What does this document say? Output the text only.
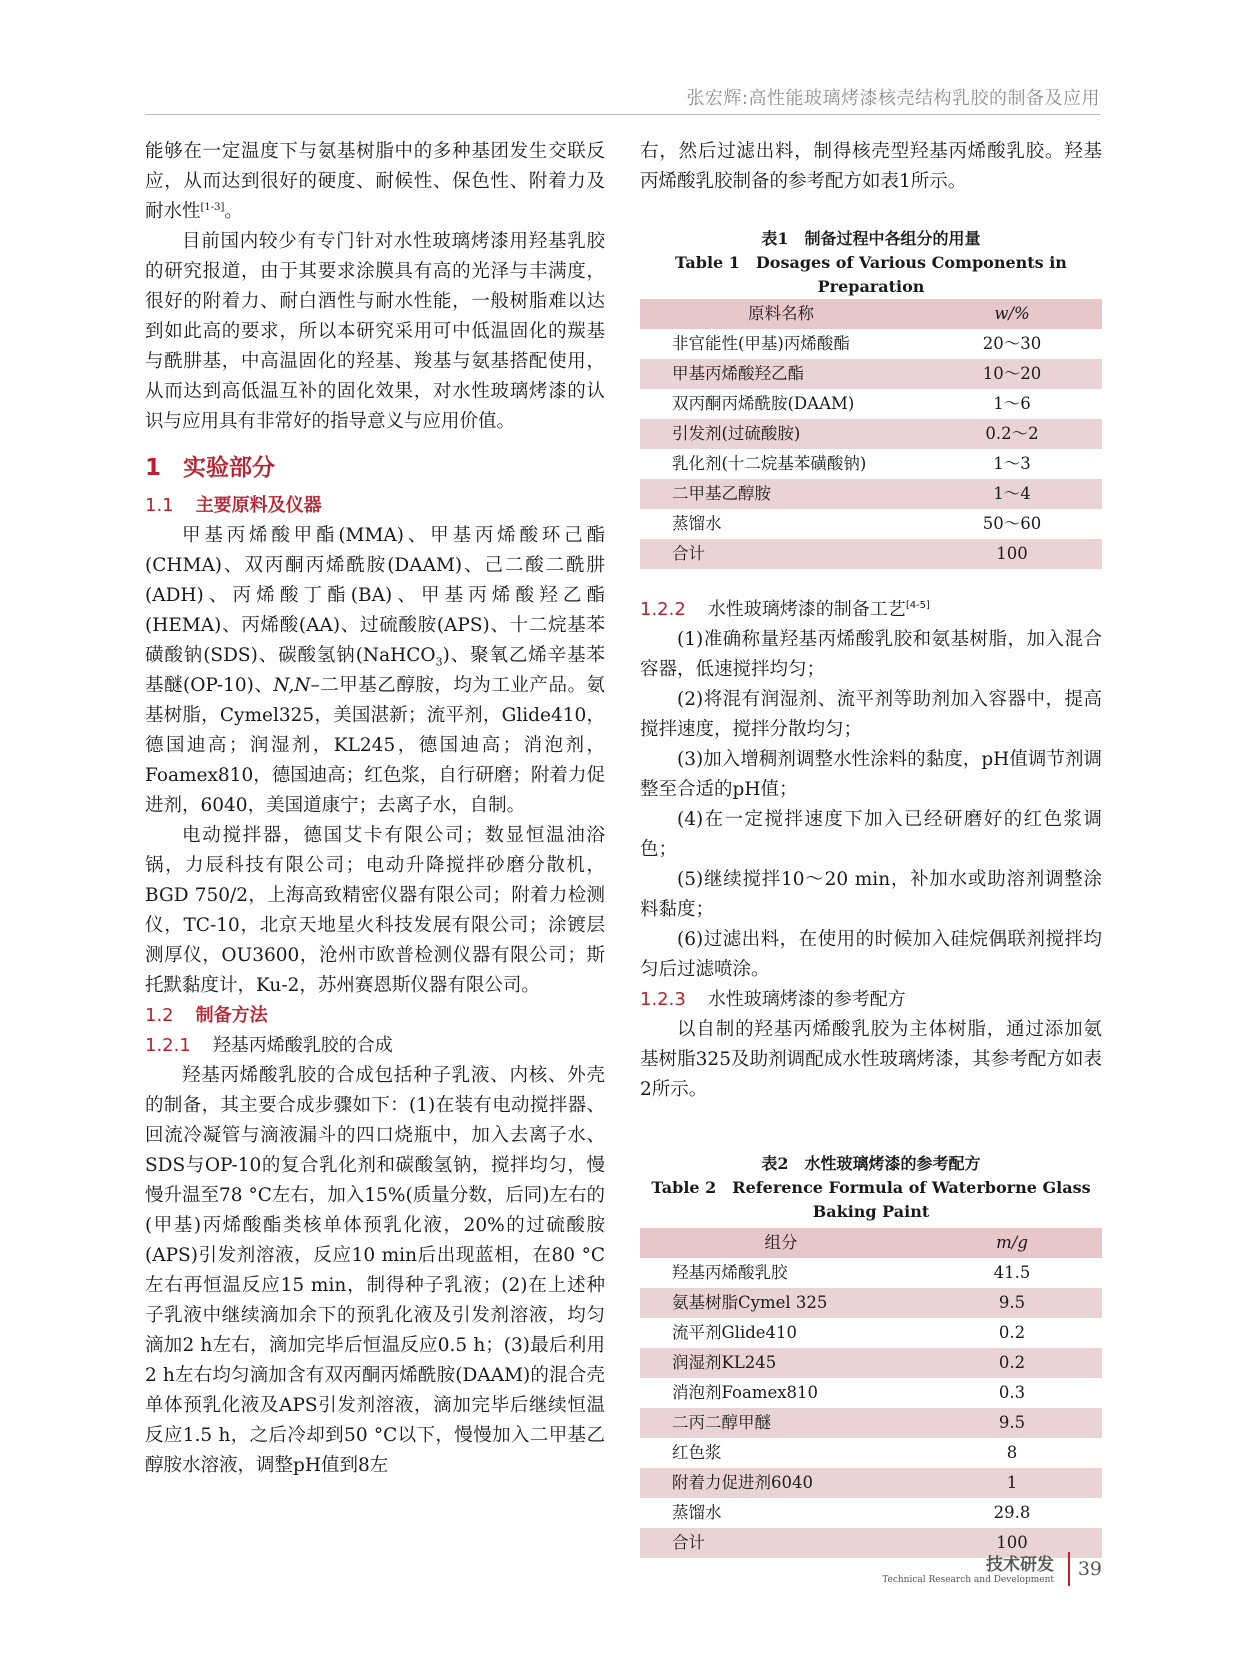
张宏辉:高性能玻璃烤漆核壳结构乳胶的制备及应用

能够在一定温度下与氨基树脂中的多种基团发生交联反应，从而达到很好的硬度、耐候性、保色性、附着力及耐水性[1-3]。

目前国内较少有专门针对水性玻璃烤漆用羟基乳胶的研究报道，由于其要求涂膜具有高的光泽与丰满度，很好的附着力、耐白酒性与耐水性能，一般树脂难以达到如此高的要求，所以本研究采用可中低温固化的羰基与酰肼基，中高温固化的羟基、羧基与氨基搭配使用，从而达到高低温互补的固化效果，对水性玻璃烤漆的认识与应用具有非常好的指导意义与应用价值。

1 实验部分
1.1 主要原料及仪器

甲基丙烯酸甲酯(MMA)、甲基丙烯酸环己酯(CHMA)、双丙酮丙烯酰胺(DAAM)、己二酸二酰肼(ADH)、丙烯酸丁酯(BA)、甲基丙烯酸羟乙酯(HEMA)、丙烯酸(AA)、过硫酸胺(APS)、十二烷基苯磺酸钠(SDS)、碳酸氢钠(NaHCO$_3$)、聚氧乙烯辛基苯基醚(OP-10)、N,N–二甲基乙醇胺，均为工业产品。氨基树脂，Cymel325，美国湛新；流平剂，Glide410，德国迪高；润湿剂，KL245，德国迪高；消泡剂，Foamex810，德国迪高；红色浆，自行研磨；附着力促进剂，6040，美国道康宁；去离子水，自制。

电动搅拌器，德国艾卡有限公司；数显恒温油浴锅，力辰科技有限公司；电动升降搅拌砂磨分散机，BGD 750/2，上海高致精密仪器有限公司；附着力检测仪，TC-10，北京天地星火科技发展有限公司；涂镀层测厚仪，OU3600，沧州市欧普检测仪器有限公司；斯托默黏度计，Ku-2，苏州赛恩斯仪器有限公司。

1.2 制备方法
1.2.1 羟基丙烯酸乳胶的合成

羟基丙烯酸乳胶的合成包括种子乳液、内核、外壳的制备，其主要合成步骤如下：(1)在装有电动搅拌器、回流冷凝管与滴液漏斗的四口烧瓶中，加入去离子水、SDS与OP-10的复合乳化剂和碳酸氢钠，搅拌均匀，慢慢升温至78 °C左右，加入15%(质量分数，后同)左右的(甲基)丙烯酸酯类核单体预乳化液，20%的过硫酸胺(APS)引发剂溶液，反应10 min后出现蓝相，在80 °C左右再恒温反应15 min，制得种子乳液；(2)在上述种子乳液中继续滴加余下的预乳化液及引发剂溶液，均匀滴加2 h左右，滴加完毕后恒温反应0.5 h；(3)最后利用2 h左右均匀滴加含有双丙酮丙烯酰胺(DAAM)的混合壳单体预乳化液及APS引发剂溶液，滴加完毕后继续恒温反应1.5 h，之后冷却到50 °C以下，慢慢加入二甲基乙醇胺水溶液，调整pH值到8左

右，然后过滤出料，制得核壳型羟基丙烯酸乳胶。羟基丙烯酸乳胶制备的参考配方如表1所示。

表1　制备过程中各组分的用量
Table 1　Dosages of Various Components in Preparation
原料名称	w/%
非官能性(甲基)丙烯酸酯	20～30
甲基丙烯酸羟乙酯	10～20
双丙酮丙烯酰胺(DAAM)	1～6
引发剂(过硫酸胺)	0.2～2
乳化剂(十二烷基苯磺酸钠)	1～3
二甲基乙醇胺	1～4
蒸馏水	50～60
合计	100
1.2.2 水性玻璃烤漆的制备工艺[4-5]

(1)准确称量羟基丙烯酸乳胶和氨基树脂，加入混合容器，低速搅拌均匀；

(2)将混有润湿剂、流平剂等助剂加入容器中，提高搅拌速度，搅拌分散均匀；

(3)加入增稠剂调整水性涂料的黏度，pH值调节剂调整至合适的pH值；

(4)在一定搅拌速度下加入已经研磨好的红色浆调色；

(5)继续搅拌10～20 min，补加水或助溶剂调整涂料黏度；

(6)过滤出料，在使用的时候加入硅烷偶联剂搅拌均匀后过滤喷涂。

1.2.3 水性玻璃烤漆的参考配方

以自制的羟基丙烯酸乳胶为主体树脂，通过添加氨基树脂325及助剂调配成水性玻璃烤漆，其参考配方如表2所示。

表2　水性玻璃烤漆的参考配方
Table 2　Reference Formula of Waterborne Glass Baking Paint
组分	m/g
羟基丙烯酸乳胶	41.5
氨基树脂Cymel 325	9.5
流平剂Glide410	0.2
润湿剂KL245	0.2
消泡剂Foamex810	0.3
二丙二醇甲醚	9.5
红色浆	8
附着力促进剂6040	1
蒸馏水	29.8
合计	100
技术研发
Technical Research and Development	39
